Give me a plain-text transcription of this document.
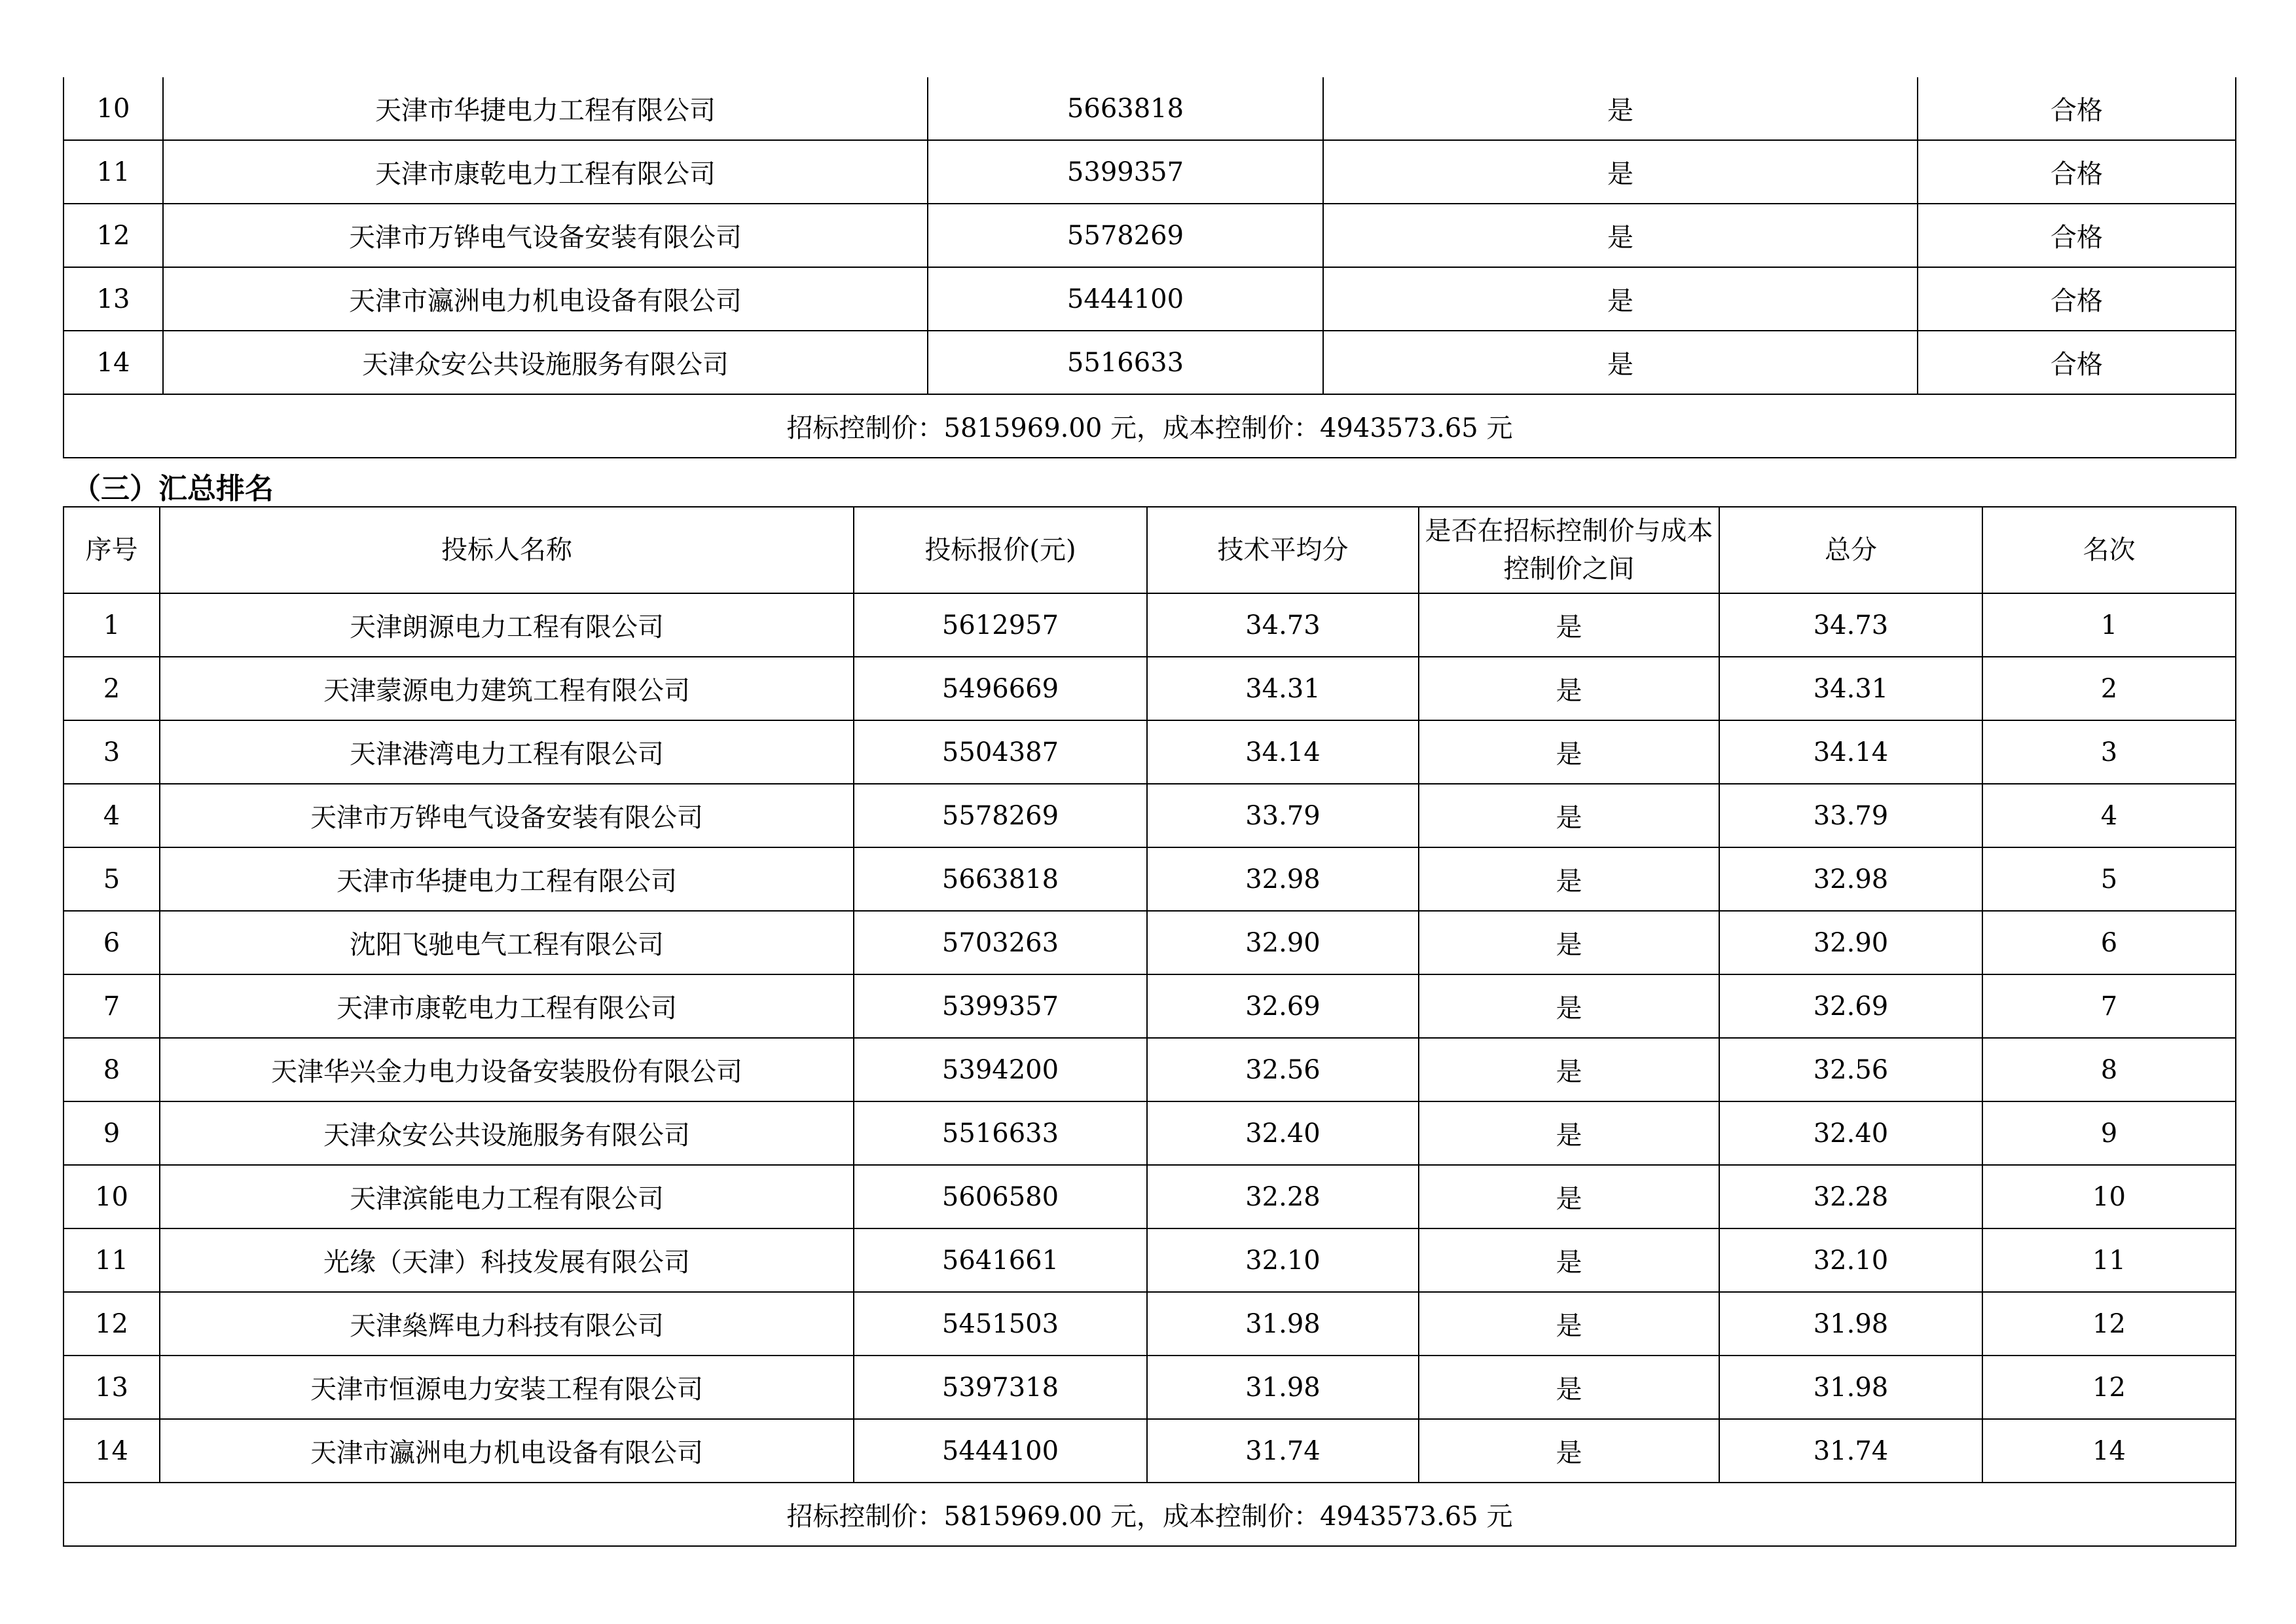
10	天津市华捷电力工程有限公司	5663818	是	合格
11	天津市康乾电力工程有限公司	5399357	是	合格
12	天津市万铧电气设备安装有限公司	5578269	是	合格
13	天津市瀛洲电力机电设备有限公司	5444100	是	合格
14	天津众安公共设施服务有限公司	5516633	是	合格
招标控制价：5815969.00 元，成本控制价：4943573.65 元				
（三）汇总排名
序号	投标人名称	投标报价(元)	技术平均分	是否在招标控制价与成本控制价之间	总分	名次
1	天津朗源电力工程有限公司	5612957	34.73	是	34.73	1
2	天津蒙源电力建筑工程有限公司	5496669	34.31	是	34.31	2
3	天津港湾电力工程有限公司	5504387	34.14	是	34.14	3
4	天津市万铧电气设备安装有限公司	5578269	33.79	是	33.79	4
5	天津市华捷电力工程有限公司	5663818	32.98	是	32.98	5
6	沈阳飞驰电气工程有限公司	5703263	32.90	是	32.90	6
7	天津市康乾电力工程有限公司	5399357	32.69	是	32.69	7
8	天津华兴金力电力设备安装股份有限公司	5394200	32.56	是	32.56	8
9	天津众安公共设施服务有限公司	5516633	32.40	是	32.40	9
10	天津滨能电力工程有限公司	5606580	32.28	是	32.28	10
11	光缘（天津）科技发展有限公司	5641661	32.10	是	32.10	11
12	天津燊辉电力科技有限公司	5451503	31.98	是	31.98	12
13	天津市恒源电力安装工程有限公司	5397318	31.98	是	31.98	12
14	天津市瀛洲电力机电设备有限公司	5444100	31.74	是	31.74	14
招标控制价：5815969.00 元，成本控制价：4943573.65 元						
